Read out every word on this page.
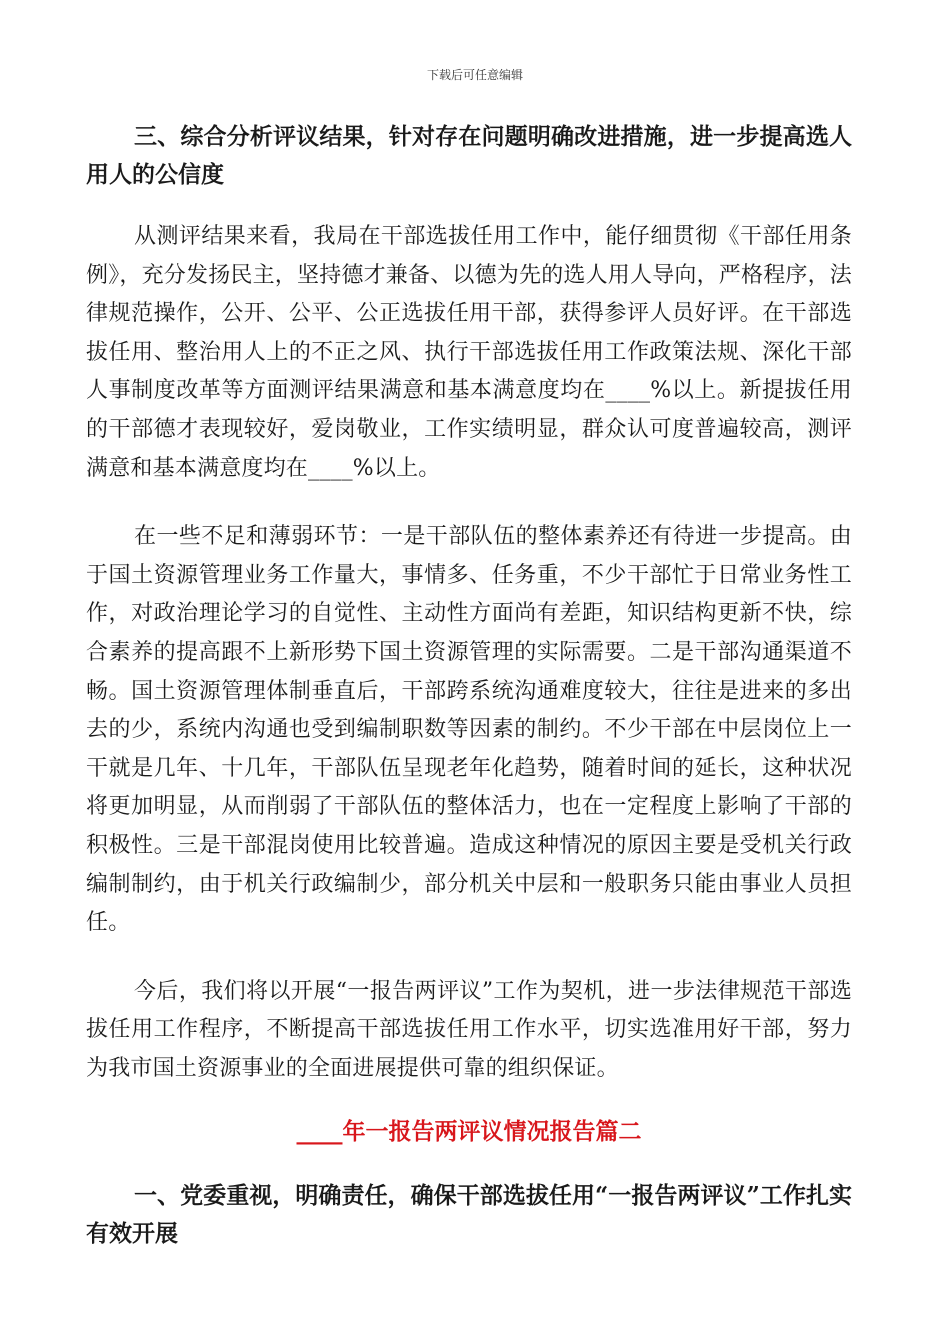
下载后可任意编辑

三、综合分析评议结果，针对存在问题明确改进措施，进一步提高选人用人的公信度

从测评结果来看，我局在干部选拔任用工作中，能仔细贯彻《干部任用条例》，充分发扬民主，坚持德才兼备、以德为先的选人用人导向，严格程序，法律规范操作，公开、公平、公正选拔任用干部，获得参评人员好评。在干部选拔任用、整治用人上的不正之风、执行干部选拔任用工作政策法规、深化干部人事制度改革等方面测评结果满意和基本满意度均在____%以上。新提拔任用的干部德才表现较好，爱岗敬业，工作实绩明显，群众认可度普遍较高，测评满意和基本满意度均在____%以上。

在一些不足和薄弱环节：一是干部队伍的整体素养还有待进一步提高。由于国土资源管理业务工作量大，事情多、任务重，不少干部忙于日常业务性工作，对政治理论学习的自觉性、主动性方面尚有差距，知识结构更新不快，综合素养的提高跟不上新形势下国土资源管理的实际需要。二是干部沟通渠道不畅。国土资源管理体制垂直后，干部跨系统沟通难度较大，往往是进来的多出去的少，系统内沟通也受到编制职数等因素的制约。不少干部在中层岗位上一干就是几年、十几年，干部队伍呈现老年化趋势，随着时间的延长，这种状况将更加明显，从而削弱了干部队伍的整体活力，也在一定程度上影响了干部的积极性。三是干部混岗使用比较普遍。造成这种情况的原因主要是受机关行政编制制约，由于机关行政编制少，部分机关中层和一般职务只能由事业人员担任。

今后，我们将以开展“一报告两评议”工作为契机，进一步法律规范干部选拔任用工作程序，不断提高干部选拔任用工作水平，切实选准用好干部，努力为我市国土资源事业的全面进展提供可靠的组织保证。

____年一报告两评议情况报告篇二

一、党委重视，明确责任，确保干部选拔任用“一报告两评议”工作扎实有效开展
